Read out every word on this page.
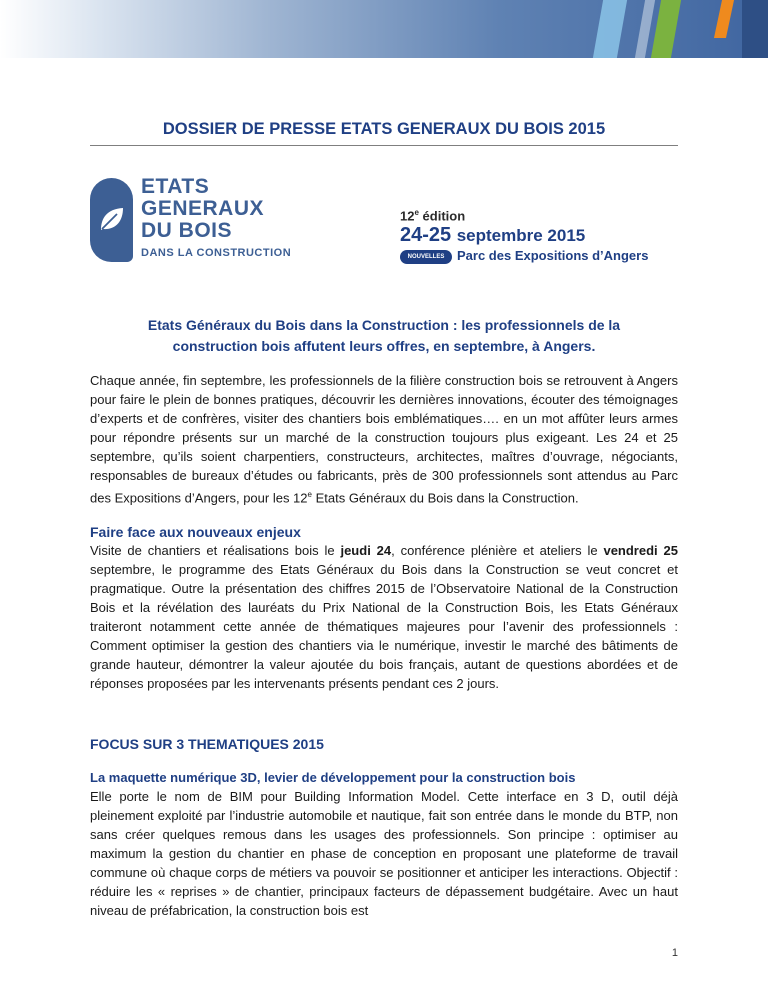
DOSSIER DE PRESSE ETATS GENERAUX DU BOIS 2015
ETATS
GENERAUX
DU BOIS
DANS LA CONSTRUCTION
12e édition
24-25 septembre 2015
NOUVELLES DATES
Parc des Expositions d’Angers

Etats Généraux du Bois dans la Construction : les professionnels de la construction bois affutent leurs offres, en septembre, à Angers.

Chaque année, fin septembre, les professionnels de la filière construction bois se retrouvent à Angers pour faire le plein de bonnes pratiques, découvrir les dernières innovations, écouter des témoignages d’experts et de confrères, visiter des chantiers bois emblématiques…. en un mot affûter leurs armes pour répondre présents sur un marché de la construction toujours plus exigeant. Les 24 et 25 septembre, qu’ils soient charpentiers, constructeurs, architectes, maîtres d’ouvrage, négociants, responsables de bureaux d’études ou fabricants, près de 300 professionnels sont attendus au Parc des Expositions d’Angers, pour les 12e Etats Généraux du Bois dans la Construction.

Faire face aux nouveaux enjeux

Visite de chantiers et réalisations bois le jeudi 24, conférence plénière et ateliers le vendredi 25 septembre, le programme des Etats Généraux du Bois dans la Construction se veut concret et pragmatique. Outre la présentation des chiffres 2015 de l’Observatoire National de la Construction Bois et la révélation des lauréats du Prix National de la Construction Bois, les Etats Généraux traiteront notamment cette année de thématiques majeures pour l’avenir des professionnels : Comment optimiser la gestion des chantiers via le numérique, investir le marché des bâtiments de grande hauteur, démontrer la valeur ajoutée du bois français, autant de questions abordées et de réponses proposées par les intervenants présents pendant ces 2 jours.

FOCUS SUR 3 THEMATIQUES 2015
La maquette numérique 3D, levier de développement pour la construction bois

Elle porte le nom de BIM pour Building Information Model. Cette interface en 3 D, outil déjà pleinement exploité par l’industrie automobile et nautique, fait son entrée dans le monde du BTP, non sans créer quelques remous dans les usages des professionnels. Son principe : optimiser au maximum la gestion du chantier en phase de conception en proposant une plateforme de travail commune où chaque corps de métiers va pouvoir se positionner et anticiper les interactions. Objectif : réduire les « reprises » de chantier, principaux facteurs de dépassement budgétaire. Avec un haut niveau de préfabrication, la construction bois est

1
